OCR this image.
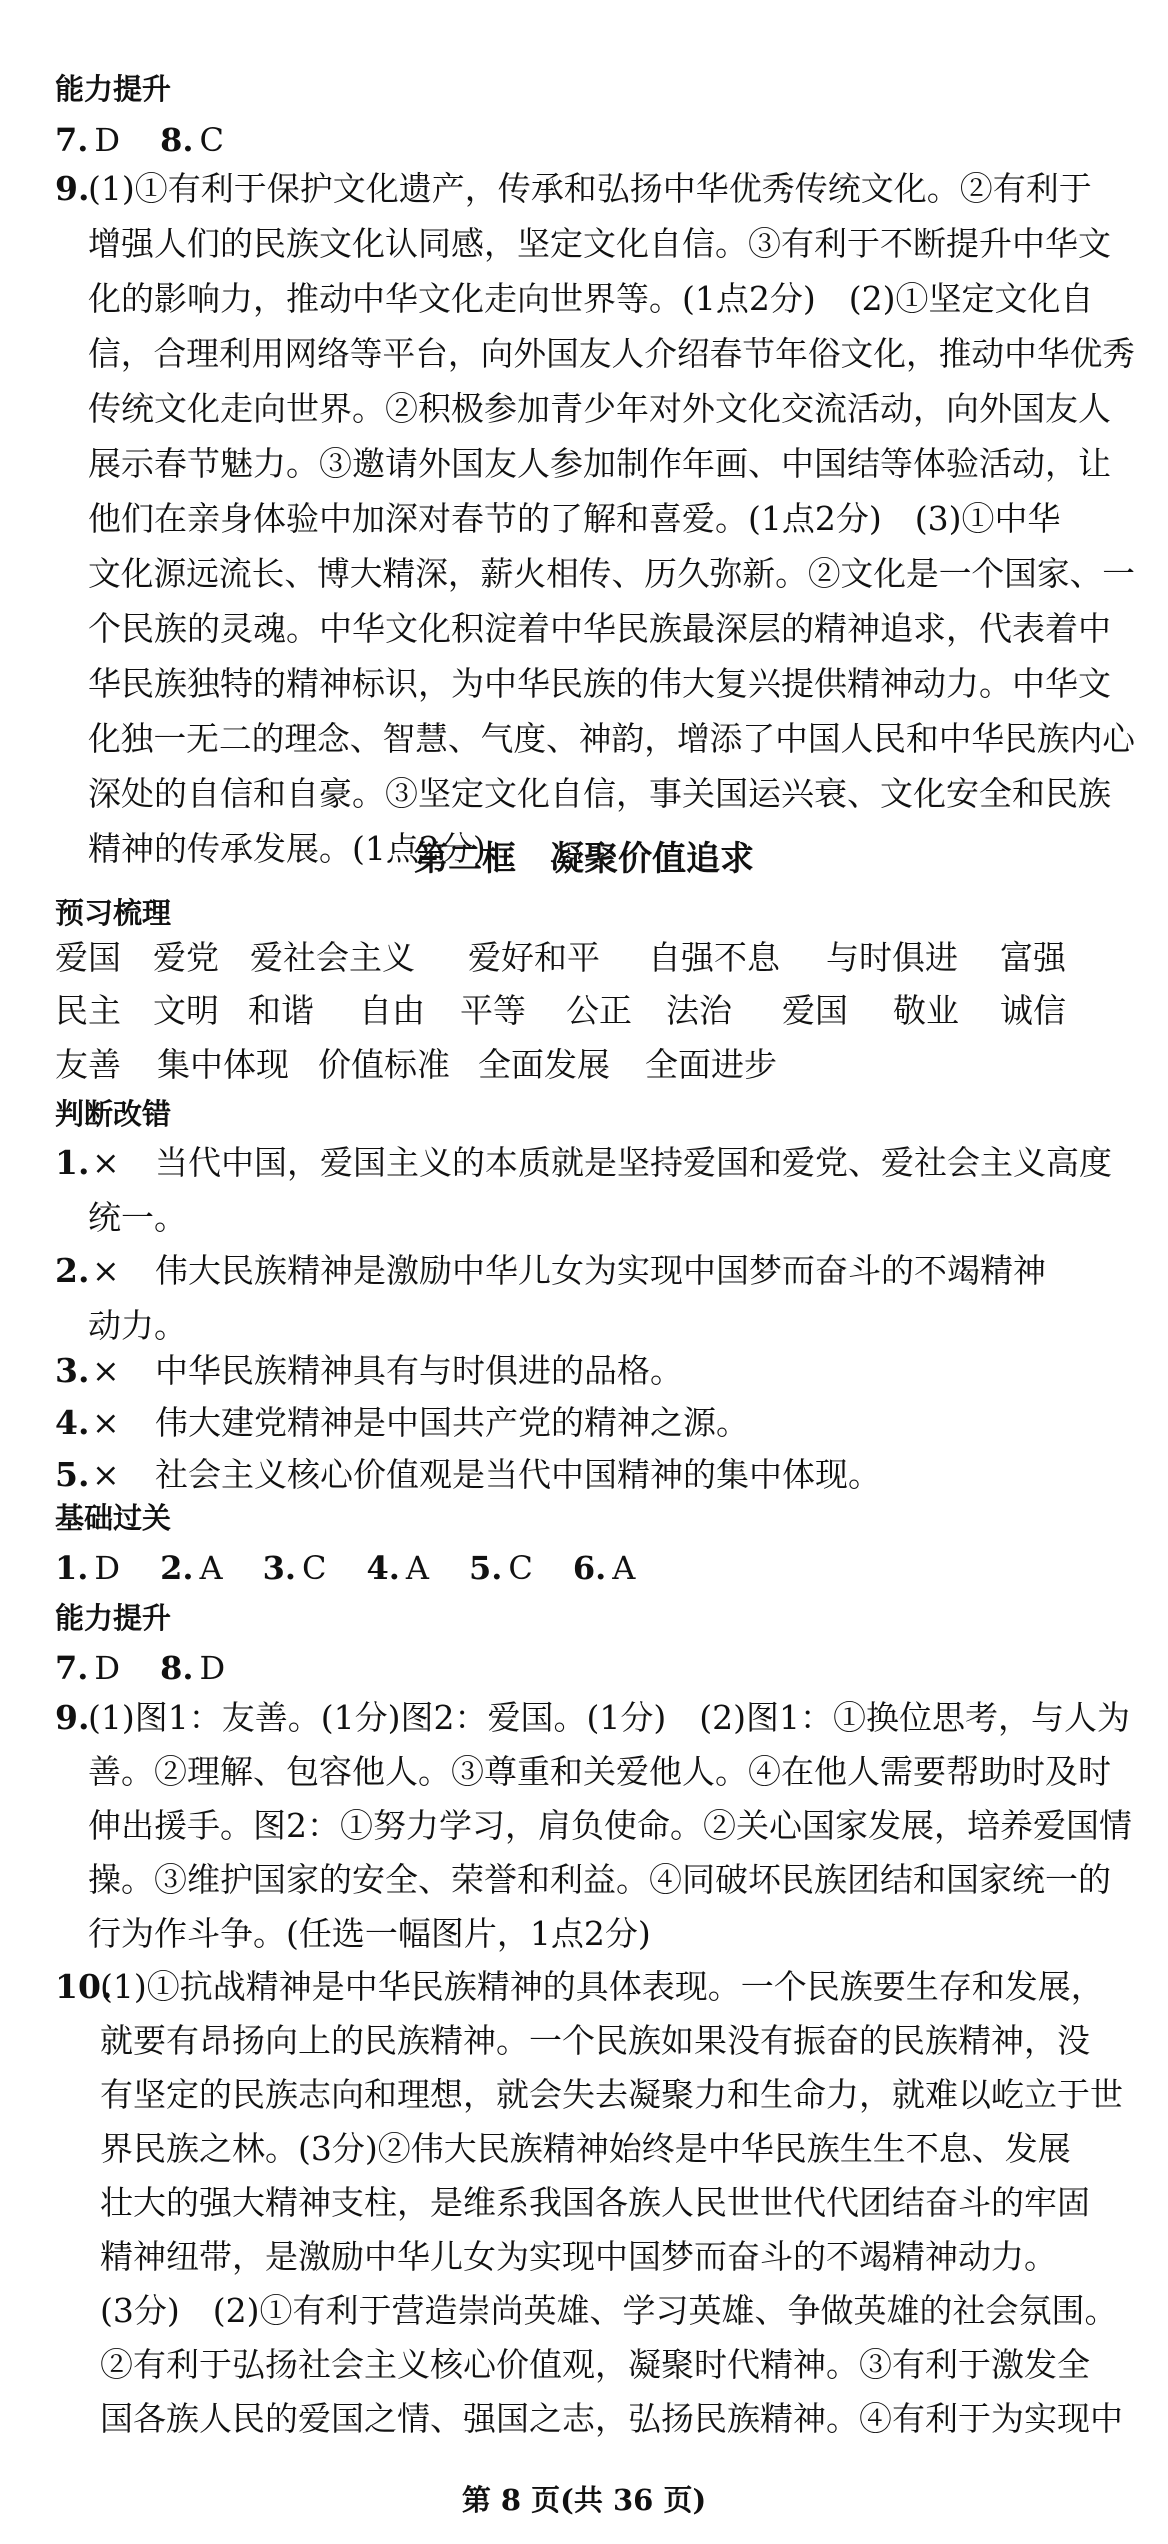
能力提升
7. D 8. C
9.
(1)①有利于保护文化遗产，传承和弘扬中华优秀传统文化。②有利于
增强人们的民族文化认同感，坚定文化自信。③有利于不断提升中华文
化的影响力，推动中华文化走向世界等。(1点2分)　(2)①坚定文化自
信，合理利用网络等平台，向外国友人介绍春节年俗文化，推动中华优秀
传统文化走向世界。②积极参加青少年对外文化交流活动，向外国友人
展示春节魅力。③邀请外国友人参加制作年画、中国结等体验活动，让
他们在亲身体验中加深对春节的了解和喜爱。(1点2分)　(3)①中华
文化源远流长、博大精深，薪火相传、历久弥新。②文化是一个国家、一
个民族的灵魂。中华文化积淀着中华民族最深层的精神追求，代表着中
华民族独特的精神标识，为中华民族的伟大复兴提供精神动力。中华文
化独一无二的理念、智慧、气度、神韵，增添了中国人民和中华民族内心
深处的自信和自豪。③坚定文化自信，事关国运兴衰、文化安全和民族
精神的传承发展。(1点2分)
第二框　凝聚价值追求
预习梳理
爱国 爱党 爱社会主义 爱好和平 自强不息 与时俱进 富强
民主 文明 和谐 自由 平等 公正 法治 爱国 敬业 诚信
友善 集中体现 价值标准 全面发展 全面进步
判断改错
1. ×	当代中国，爱国主义的本质就是坚持爱国和爱党、爱社会主义高度
统一。
2. ×	伟大民族精神是激励中华儿女为实现中国梦而奋斗的不竭精神
动力。
3. ×	中华民族精神具有与时俱进的品格。
4. ×	伟大建党精神是中国共产党的精神之源。
5. ×	社会主义核心价值观是当代中国精神的集中体现。
基础过关
1. D 2. A 3. C 4. A 5. C 6. A
能力提升
7. D 8. D
9.
(1)图1：友善。(1分)图2：爱国。(1分)　(2)图1：①换位思考，与人为
善。②理解、包容他人。③尊重和关爱他人。④在他人需要帮助时及时
伸出援手。图2：①努力学习，肩负使命。②关心国家发展，培养爱国情
操。③维护国家的安全、荣誉和利益。④同破坏民族团结和国家统一的
行为作斗争。(任选一幅图片，1点2分)
10.
(1)①抗战精神是中华民族精神的具体表现。一个民族要生存和发展，
就要有昂扬向上的民族精神。一个民族如果没有振奋的民族精神，没
有坚定的民族志向和理想，就会失去凝聚力和生命力，就难以屹立于世
界民族之林。(3分)②伟大民族精神始终是中华民族生生不息、发展
壮大的强大精神支柱，是维系我国各族人民世世代代团结奋斗的牢固
精神纽带，是激励中华儿女为实现中国梦而奋斗的不竭精神动力。
(3分)　(2)①有利于营造崇尚英雄、学习英雄、争做英雄的社会氛围。
②有利于弘扬社会主义核心价值观，凝聚时代精神。③有利于激发全
国各族人民的爱国之情、强国之志，弘扬民族精神。④有利于为实现中
第 8 页(共 36 页)
